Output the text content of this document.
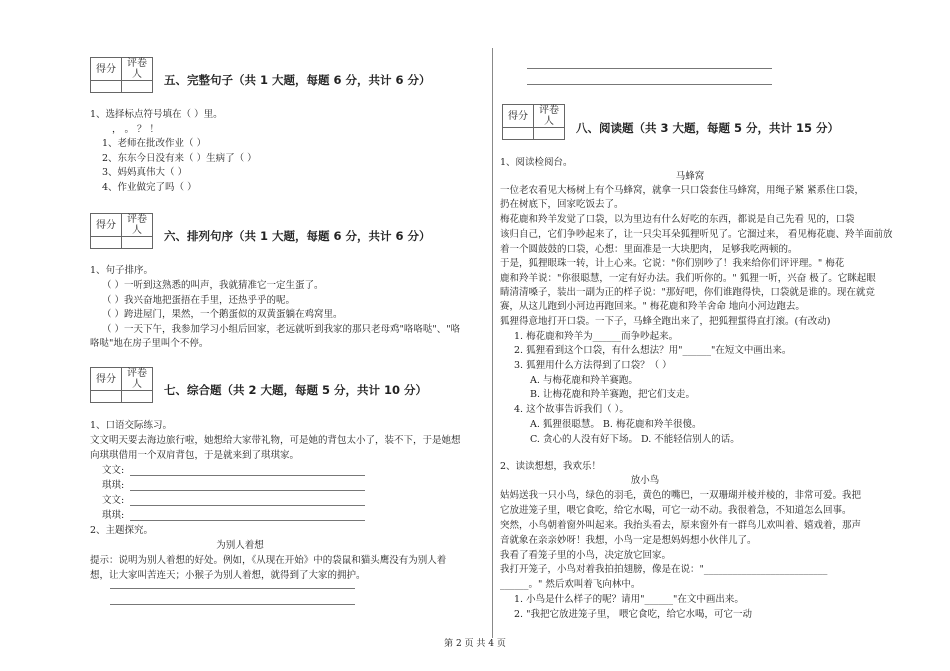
得分	评卷人
	五、完整句子（共 1 大题，每题 6 分，共计 6 分）
1、选择标点符号填在（ ）里。
， 。 ？ ！
1、老师在批改作业（ ）
2、东东今日没有来（ ）生病了（ ）
3、妈妈真伟大（ ）
4、作业做完了吗（ ）
得分	评卷人
	六、排列句序（共 1 大题，每题 6 分，共计 6 分）
1、句子排序。
（ ）一听到这熟悉的叫声，我就猜准它一定生蛋了。
（ ）我兴奋地把蛋捂在手里，还热乎乎的呢。
（ ）跨进屋门，果然，一个鹅蛋似的双黄蛋躺在鸡窝里。
（ ）一天下午，我参加学习小组后回家，老远就听到我家的那只老母鸡"咯咯哒"、"咯
咯哒"地在房子里叫个不停。
得分	评卷人
	七、综合题（共 2 大题，每题 5 分，共计 10 分）
1、口语交际练习。
文文明天要去海边旅行啦，她想给大家带礼物，可是她的背包太小了，装不下，于是她想
向琪琪借用一个双肩背包，于是就来到了琪琪家。
文文:
琪琪:
文文:
琪琪:
2、主题探究。
为别人着想
提示：说明为别人着想的好处。例如，《从现在开始》中的袋鼠和猫头鹰没有为别人着
想，让大家叫苦连天；小猴子为别人着想，就得到了大家的拥护。
得分	评卷人
	八、阅读题（共 3 大题，每题 5 分，共计 15 分）
1、阅读检阅台。
马蜂窝
一位老农看见大杨树上有个马蜂窝，就拿一只口袋套住马蜂窝，用绳子紧 紧系住口袋，
扔在树底下，回家吃饭去了。
梅花鹿和羚羊发觉了口袋，以为里边有什么好吃的东西，都说是自己先看 见的，口袋
该归自己，它们争吵起来了，让一只尖耳朵狐狸听见了。它溜过来， 看见梅花鹿、羚羊面前放
着一个圆鼓鼓的口袋，心想：里面准是一大块肥肉， 足够我吃两顿的。
于是，狐狸眼珠一转，计上心来。它说："你们别吵了！我来给你们评评理。" 梅花
鹿和羚羊说："你很聪慧，一定有好办法。我们听你的。" 狐狸一听，兴奋 极了。它眯起眼
睛清清嗓子，装出一副为正的样子说："那好吧，你们谁跑得快，口袋就是谁的。现在就竞
赛，从这儿跑到小河边再跑回来。" 梅花鹿和羚羊舍命 地向小河边跑去。
狐狸得意地打开口袋。一下子，马蜂全跑出来了，把狐狸蜇得直打滚。(有改动)
1. 梅花鹿和羚羊为______而争吵起来。
2. 狐狸看到这个口袋，有什么想法？用"______"在短文中画出来。
3. 狐狸用什么方法得到了口袋？（ ）
A. 与梅花鹿和羚羊赛跑。
B. 让梅花鹿和羚羊赛跑，把它们支走。
4. 这个故事告诉我们（ ）。
A. 狐狸很聪慧。 B. 梅花鹿和羚羊很傻。
C. 贪心的人没有好下场。 D. 不能轻信别人的话。
2、读读想想，我欢乐！
放小鸟
姑妈送我一只小鸟，绿色的羽毛，黄色的嘴巴，一双珊瑚并棱并棱的，非常可爱。我把
它放进笼子里，喂它食吃，给它水喝，可它一动不动。我很着急，不知道怎么回事。
突然，小鸟朝着窗外叫起来。我抬头看去，原来窗外有一群鸟儿欢叫着、嬉戏着，那声
音就象在亲亲妙呀！我想，小鸟一定是想妈妈想小伙伴儿了。
我看了看笼子里的小鸟，决定放它回家。
我打开笼子，小鸟对着我拍拍翅膀，像是在说："__________________________
______。" 然后欢叫着飞向林中。
1. 小鸟是什么样子的呢？请用"______"在文中画出来。
2. "我把它放进笼子里， 喂它食吃，给它水喝，可它一动
第 2 页 共 4 页
